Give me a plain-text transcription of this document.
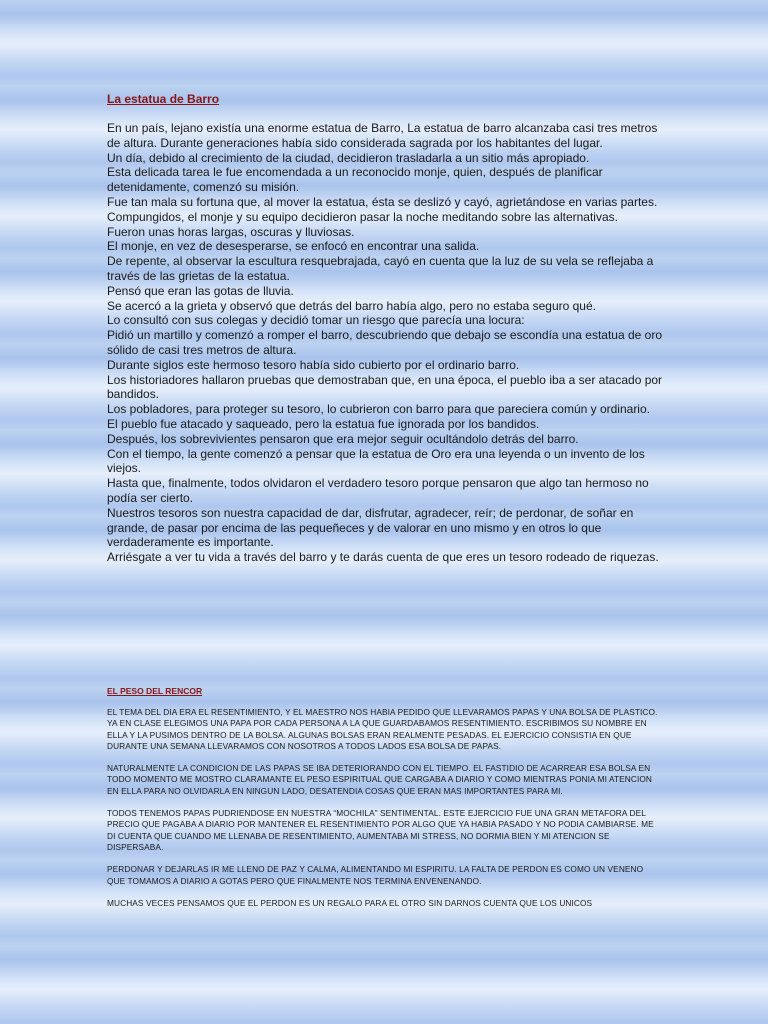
La estatua de Barro

En un país, lejano existía una enorme estatua de Barro, La estatua de barro alcanzaba casi tres metros de altura. Durante generaciones había sido considerada sagrada por los habitantes del lugar.

Un día, debido al crecimiento de la ciudad, decidieron trasladarla a un sitio más apropiado.

Esta delicada tarea le fue encomendada a un reconocido monje, quien, después de planificar detenidamente, comenzó su misión.

Fue tan mala su fortuna que, al mover la estatua, ésta se deslizó y cayó, agrietándose en varias partes.

Compungidos, el monje y su equipo decidieron pasar la noche meditando sobre las alternativas.

Fueron unas horas largas, oscuras y lluviosas.

El monje, en vez de desesperarse, se enfocó en encontrar una salida.

De repente, al observar la escultura resquebrajada, cayó en cuenta que la luz de su vela se reflejaba a través de las grietas de la estatua.

Pensó que eran las gotas de lluvia.

Se acercó a la grieta y observó que detrás del barro había algo, pero no estaba seguro qué.

Lo consultó con sus colegas y decidió tomar un riesgo que parecía una locura:

Pidió un martillo y comenzó a romper el barro, descubriendo que debajo se escondía una estatua de oro sólido de casi tres metros de altura.

Durante siglos este hermoso tesoro había sido cubierto por el ordinario barro.

Los historiadores hallaron pruebas que demostraban que, en una época, el pueblo iba a ser atacado por bandidos.

Los pobladores, para proteger su tesoro, lo cubrieron con barro para que pareciera común y ordinario.

El pueblo fue atacado y saqueado, pero la estatua fue ignorada por los bandidos.

Después, los sobrevivientes pensaron que era mejor seguir ocultándolo detrás del barro.

Con el tiempo, la gente comenzó a pensar que la estatua de Oro era una leyenda o un invento de los viejos.

Hasta que, finalmente, todos olvidaron el verdadero tesoro porque pensaron que algo tan hermoso no podía ser cierto.

Nuestros tesoros son nuestra capacidad de dar, disfrutar, agradecer, reír; de perdonar, de soñar en grande, de pasar por encima de las pequeñeces y de valorar en uno mismo y en otros lo que verdaderamente es importante.

Arriésgate a ver tu vida a través del barro y te darás cuenta de que eres un tesoro rodeado de riquezas.

EL PESO DEL RENCOR

EL TEMA DEL DIA ERA EL RESENTIMIENTO, Y EL MAESTRO NOS HABIA PEDIDO QUE LLEVARAMOS PAPAS Y UNA BOLSA DE PLASTICO. YA EN CLASE ELEGIMOS UNA PAPA POR CADA PERSONA A LA QUE GUARDABAMOS RESENTIMIENTO. ESCRIBIMOS SU NOMBRE EN ELLA Y LA PUSIMOS DENTRO DE LA BOLSA. ALGUNAS BOLSAS ERAN REALMENTE PESADAS. EL EJERCICIO CONSISTIA EN QUE DURANTE UNA SEMANA LLEVARAMOS CON NOSOTROS A TODOS LADOS ESA BOLSA DE PAPAS.

NATURALMENTE LA CONDICION DE LAS PAPAS SE IBA DETERIORANDO CON EL TIEMPO. EL FASTIDIO DE ACARREAR ESA BOLSA EN TODO MOMENTO ME MOSTRO CLARAMANTE EL PESO ESPIRITUAL QUE CARGABA A DIARIO Y COMO MIENTRAS PONIA MI ATENCION EN ELLA PARA NO OLVIDARLA EN NINGUN LADO, DESATENDIA COSAS QUE ERAN MAS IMPORTANTES PARA MI.

TODOS TENEMOS PAPAS PUDRIENDOSE EN NUESTRA “MOCHILA” SENTIMENTAL. ESTE EJERCICIO FUE UNA GRAN METAFORA DEL PRECIO QUE PAGABA A DIARIO POR MANTENER EL RESENTIMIENTO POR ALGO QUE YA HABIA PASADO Y NO PODIA CAMBIARSE. ME DI CUENTA QUE CUANDO ME LLENABA DE RESENTIMIENTO, AUMENTABA MI STRESS, NO DORMIA BIEN Y MI ATENCION SE DISPERSABA.

PERDONAR Y DEJARLAS IR ME LLENO DE PAZ Y CALMA, ALIMENTANDO MI ESPIRITU. LA FALTA DE PERDON ES COMO UN VENENO QUE TOMAMOS A DIARIO A GOTAS PERO QUE FINALMENTE NOS TERMINA ENVENENANDO.

MUCHAS VECES PENSAMOS QUE EL PERDON ES UN REGALO PARA EL OTRO SIN DARNOS CUENTA QUE LOS UNICOS
